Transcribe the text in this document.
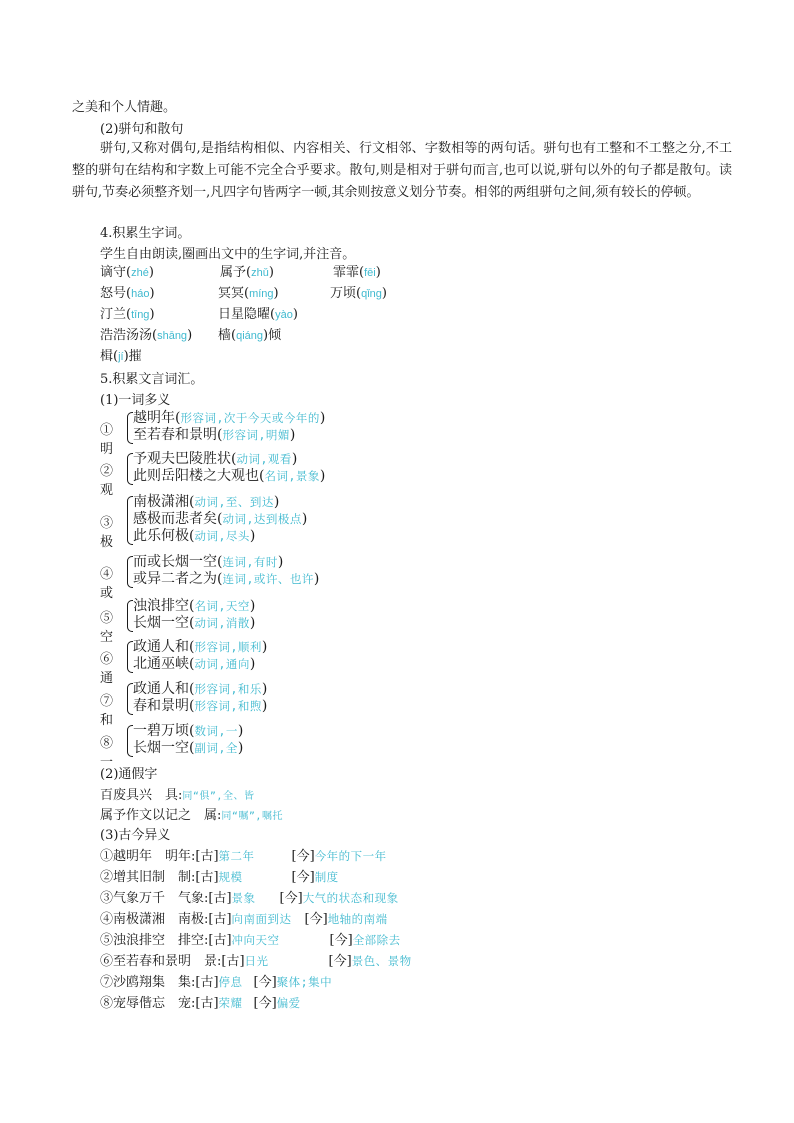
之美和个人情趣。
(2)骈句和散句
骈句,又称对偶句,是指结构相似、内容相关、行文相邻、字数相等的两句话。骈句也有工整和不工整之分,不工整的骈句在结构和字数上可能不完全合乎要求。散句,则是相对于骈句而言,也可以说,骈句以外的句子都是散句。读骈句,节奏必须整齐划一,凡四字句皆两字一顿,其余则按意义划分节奏。相邻的两组骈句之间,须有较长的停顿。
4.积累生字词。
学生自由朗读,圈画出文中的生字词,并注音。
谪守(zhé)	属予(zhǔ)	霏霏(fēi)
怒号(háo)	冥冥(míng)	万顷(qǐng)
汀兰(tīng)	日星隐曜(yào)
浩浩汤汤(shāng) 樯(qiáng)倾
楫(jí)摧
5.积累文言词汇。
(1)一词多义
①明
越明年(形容词,次于今天或今年的)
至若春和景明(形容词,明媚)
②观
予观夫巴陵胜状(动词,观看)
此则岳阳楼之大观也(名词,景象)
③极
南极潇湘(动词,至、到达)
感极而悲者矣(动词,达到极点)
此乐何极(动词,尽头)
④或
而或长烟一空(连词,有时)
或异二者之为(连词,或许、也许)
⑤空
浊浪排空(名词,天空)
长烟一空(动词,消散)
⑥通
政通人和(形容词,顺利)
北通巫峡(动词,通向)
⑦和
政通人和(形容词,和乐)
春和景明(形容词,和煦)
⑧一
一碧万顷(数词,一)
长烟一空(副词,全)
(2)通假字
百废具兴　具:同“俱”,全、皆
属予作文以记之　属:同“嘱”,嘱托
(3)古今异义
①越明年　明年:[古]第二年	[今]今年的下一年
②增其旧制　制:[古]规模	[今]制度
③气象万千　气象:[古]景象 [今]大气的状态和现象
④南极潇湘　南极:[古]向南面到达 [今]地轴的南端
⑤浊浪排空　排空:[古]冲向天空	[今]全部除去
⑥至若春和景明　景:[古]日光	[今]景色、景物
⑦沙鸥翔集　集:[古]停息 [今]聚体;集中
⑧宠辱偕忘　宠:[古]荣耀 [今]偏爱
